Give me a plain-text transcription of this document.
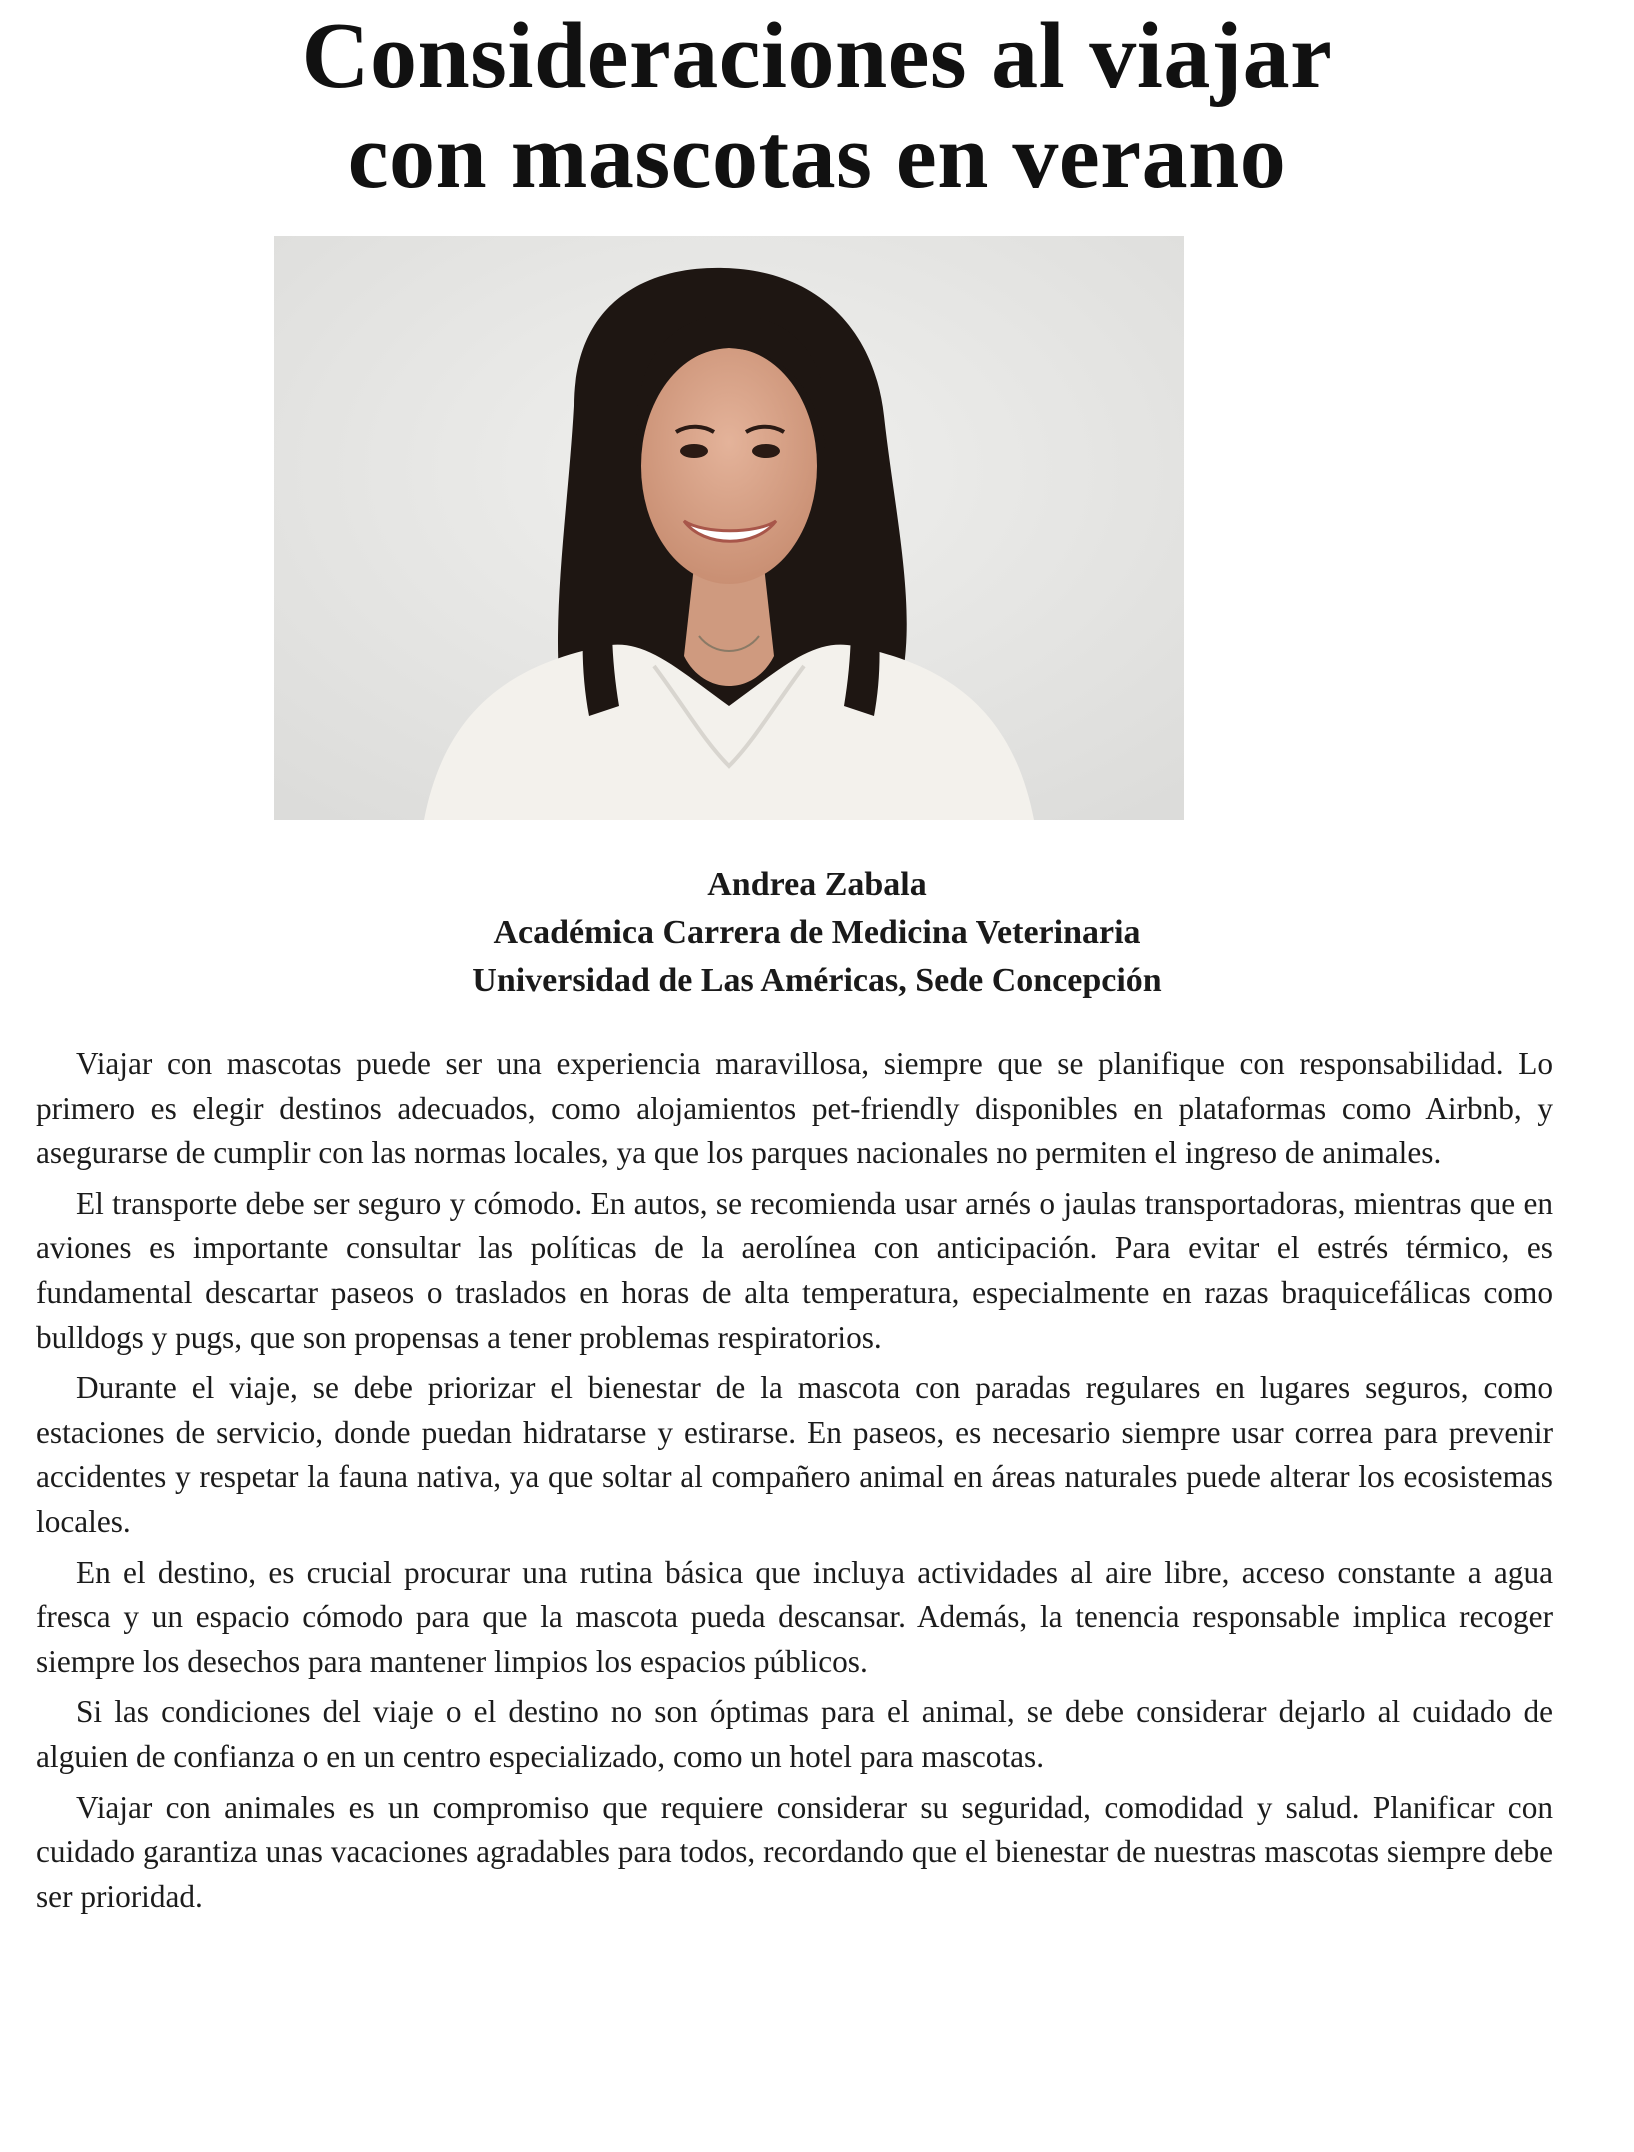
Consideraciones al viajar
con mascotas en verano
Andrea Zabala
Académica Carrera de Medicina Veterinaria
Universidad de Las Américas, Sede Concepción

Viajar con mascotas puede ser una experiencia maravillosa, siempre que se planifique con responsabilidad. Lo primero es elegir destinos adecuados, como alojamientos pet-friendly disponibles en plataformas como Airbnb, y asegurarse de cumplir con las normas locales, ya que los parques nacionales no permiten el ingreso de animales.

El transporte debe ser seguro y cómodo. En autos, se recomienda usar arnés o jaulas transportadoras, mientras que en aviones es importante consultar las políticas de la aerolínea con anticipación. Para evitar el estrés térmico, es fundamental descartar paseos o traslados en horas de alta temperatura, especialmente en razas braquicefálicas como bulldogs y pugs, que son propensas a tener problemas respiratorios.

Durante el viaje, se debe priorizar el bienestar de la mascota con paradas regulares en lugares seguros, como estaciones de servicio, donde puedan hidratarse y estirarse. En paseos, es necesario siempre usar correa para prevenir accidentes y respetar la fauna nativa, ya que soltar al compañero animal en áreas naturales puede alterar los ecosistemas locales.

En el destino, es crucial procurar una rutina básica que incluya actividades al aire libre, acceso constante a agua fresca y un espacio cómodo para que la mascota pueda descansar. Además, la tenencia responsable implica recoger siempre los desechos para mantener limpios los espacios públicos.

Si las condiciones del viaje o el destino no son óptimas para el animal, se debe considerar dejarlo al cuidado de alguien de confianza o en un centro especializado, como un hotel para mascotas.

Viajar con animales es un compromiso que requiere considerar su seguridad, comodidad y salud. Planificar con cuidado garantiza unas vacaciones agradables para todos, recordando que el bienestar de nuestras mascotas siempre debe ser prioridad.
